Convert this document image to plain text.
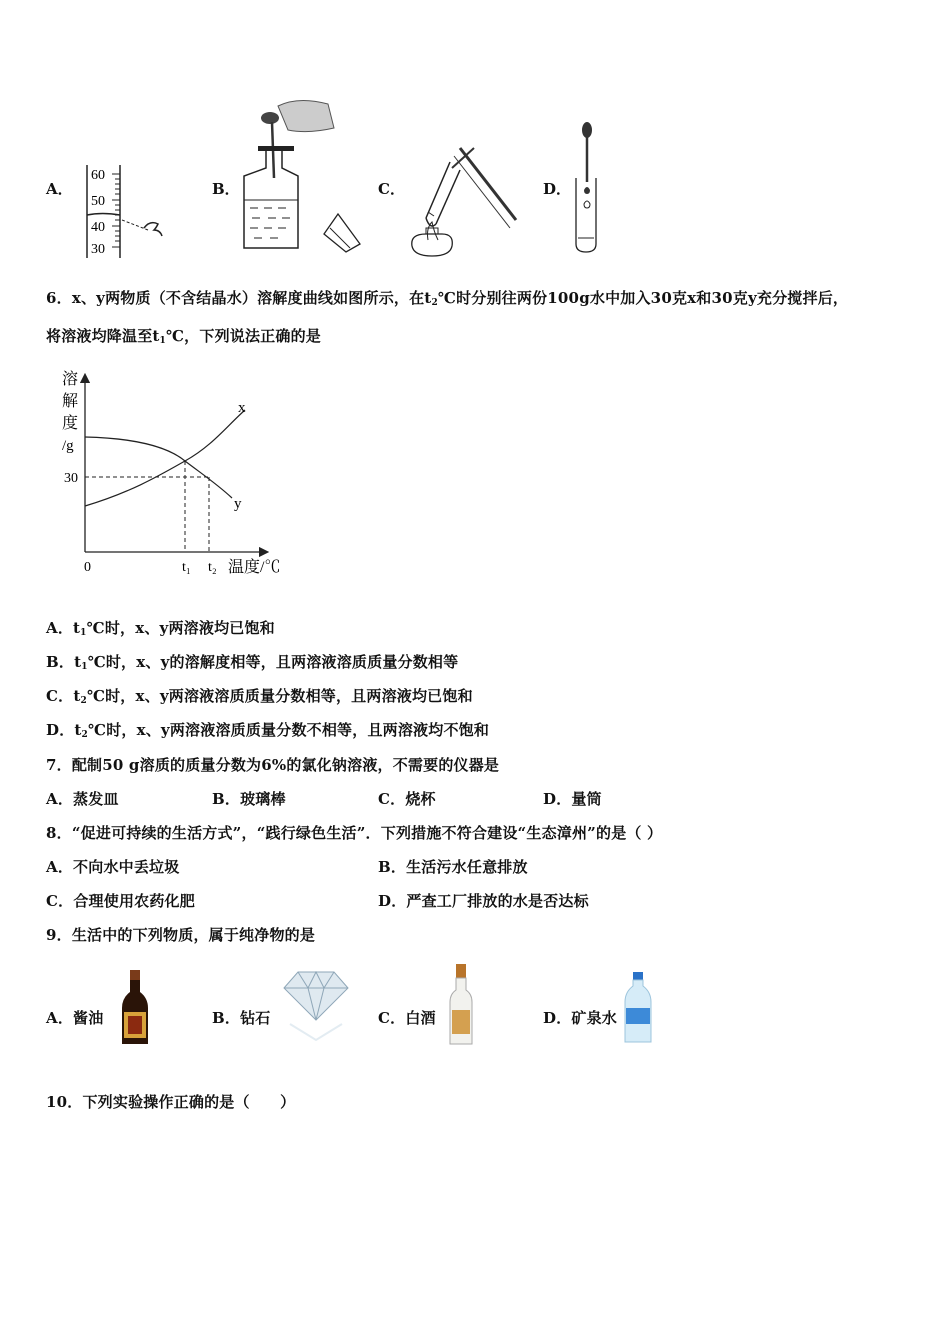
A．
60
50
40
30
B．	C．	D．
6．x、y两物质（不含结晶水）溶解度曲线如图所示，在$t_2℃$时分别往两份100g水中加入30克x和30克y充分搅拌后，
将溶液均降温至$t_1℃$，下列说法正确的是
溶
解
度
/g
30
0	t₁ t₂ 温度/℃
x
y
A．$t_1℃$时，x、y两溶液均已饱和
B．$t_1℃$时，x、y的溶解度相等，且两溶液溶质质量分数相等
C．$t_2℃$时，x、y两溶液溶质质量分数相等，且两溶液均已饱和
D．$t_2℃$时，x、y两溶液溶质质量分数不相等，且两溶液均不饱和
7．配制50 g溶质的质量分数为6%的氯化钠溶液，不需要的仪器是
A．蒸发皿	B．玻璃棒	C．烧杯	D．量筒
8．“促进可持续的生活方式”，“践行绿色生活”．下列措施不符合建设“生态漳州”的是（ ）
A．不向水中丢垃圾	B．生活污水任意排放
C．合理使用农药化肥	D．严查工厂排放的水是否达标
9．生活中的下列物质，属于纯净物的是
A．酱油	B．钻石	C．白酒	D．矿泉水
10．下列实验操作正确的是（　　）
